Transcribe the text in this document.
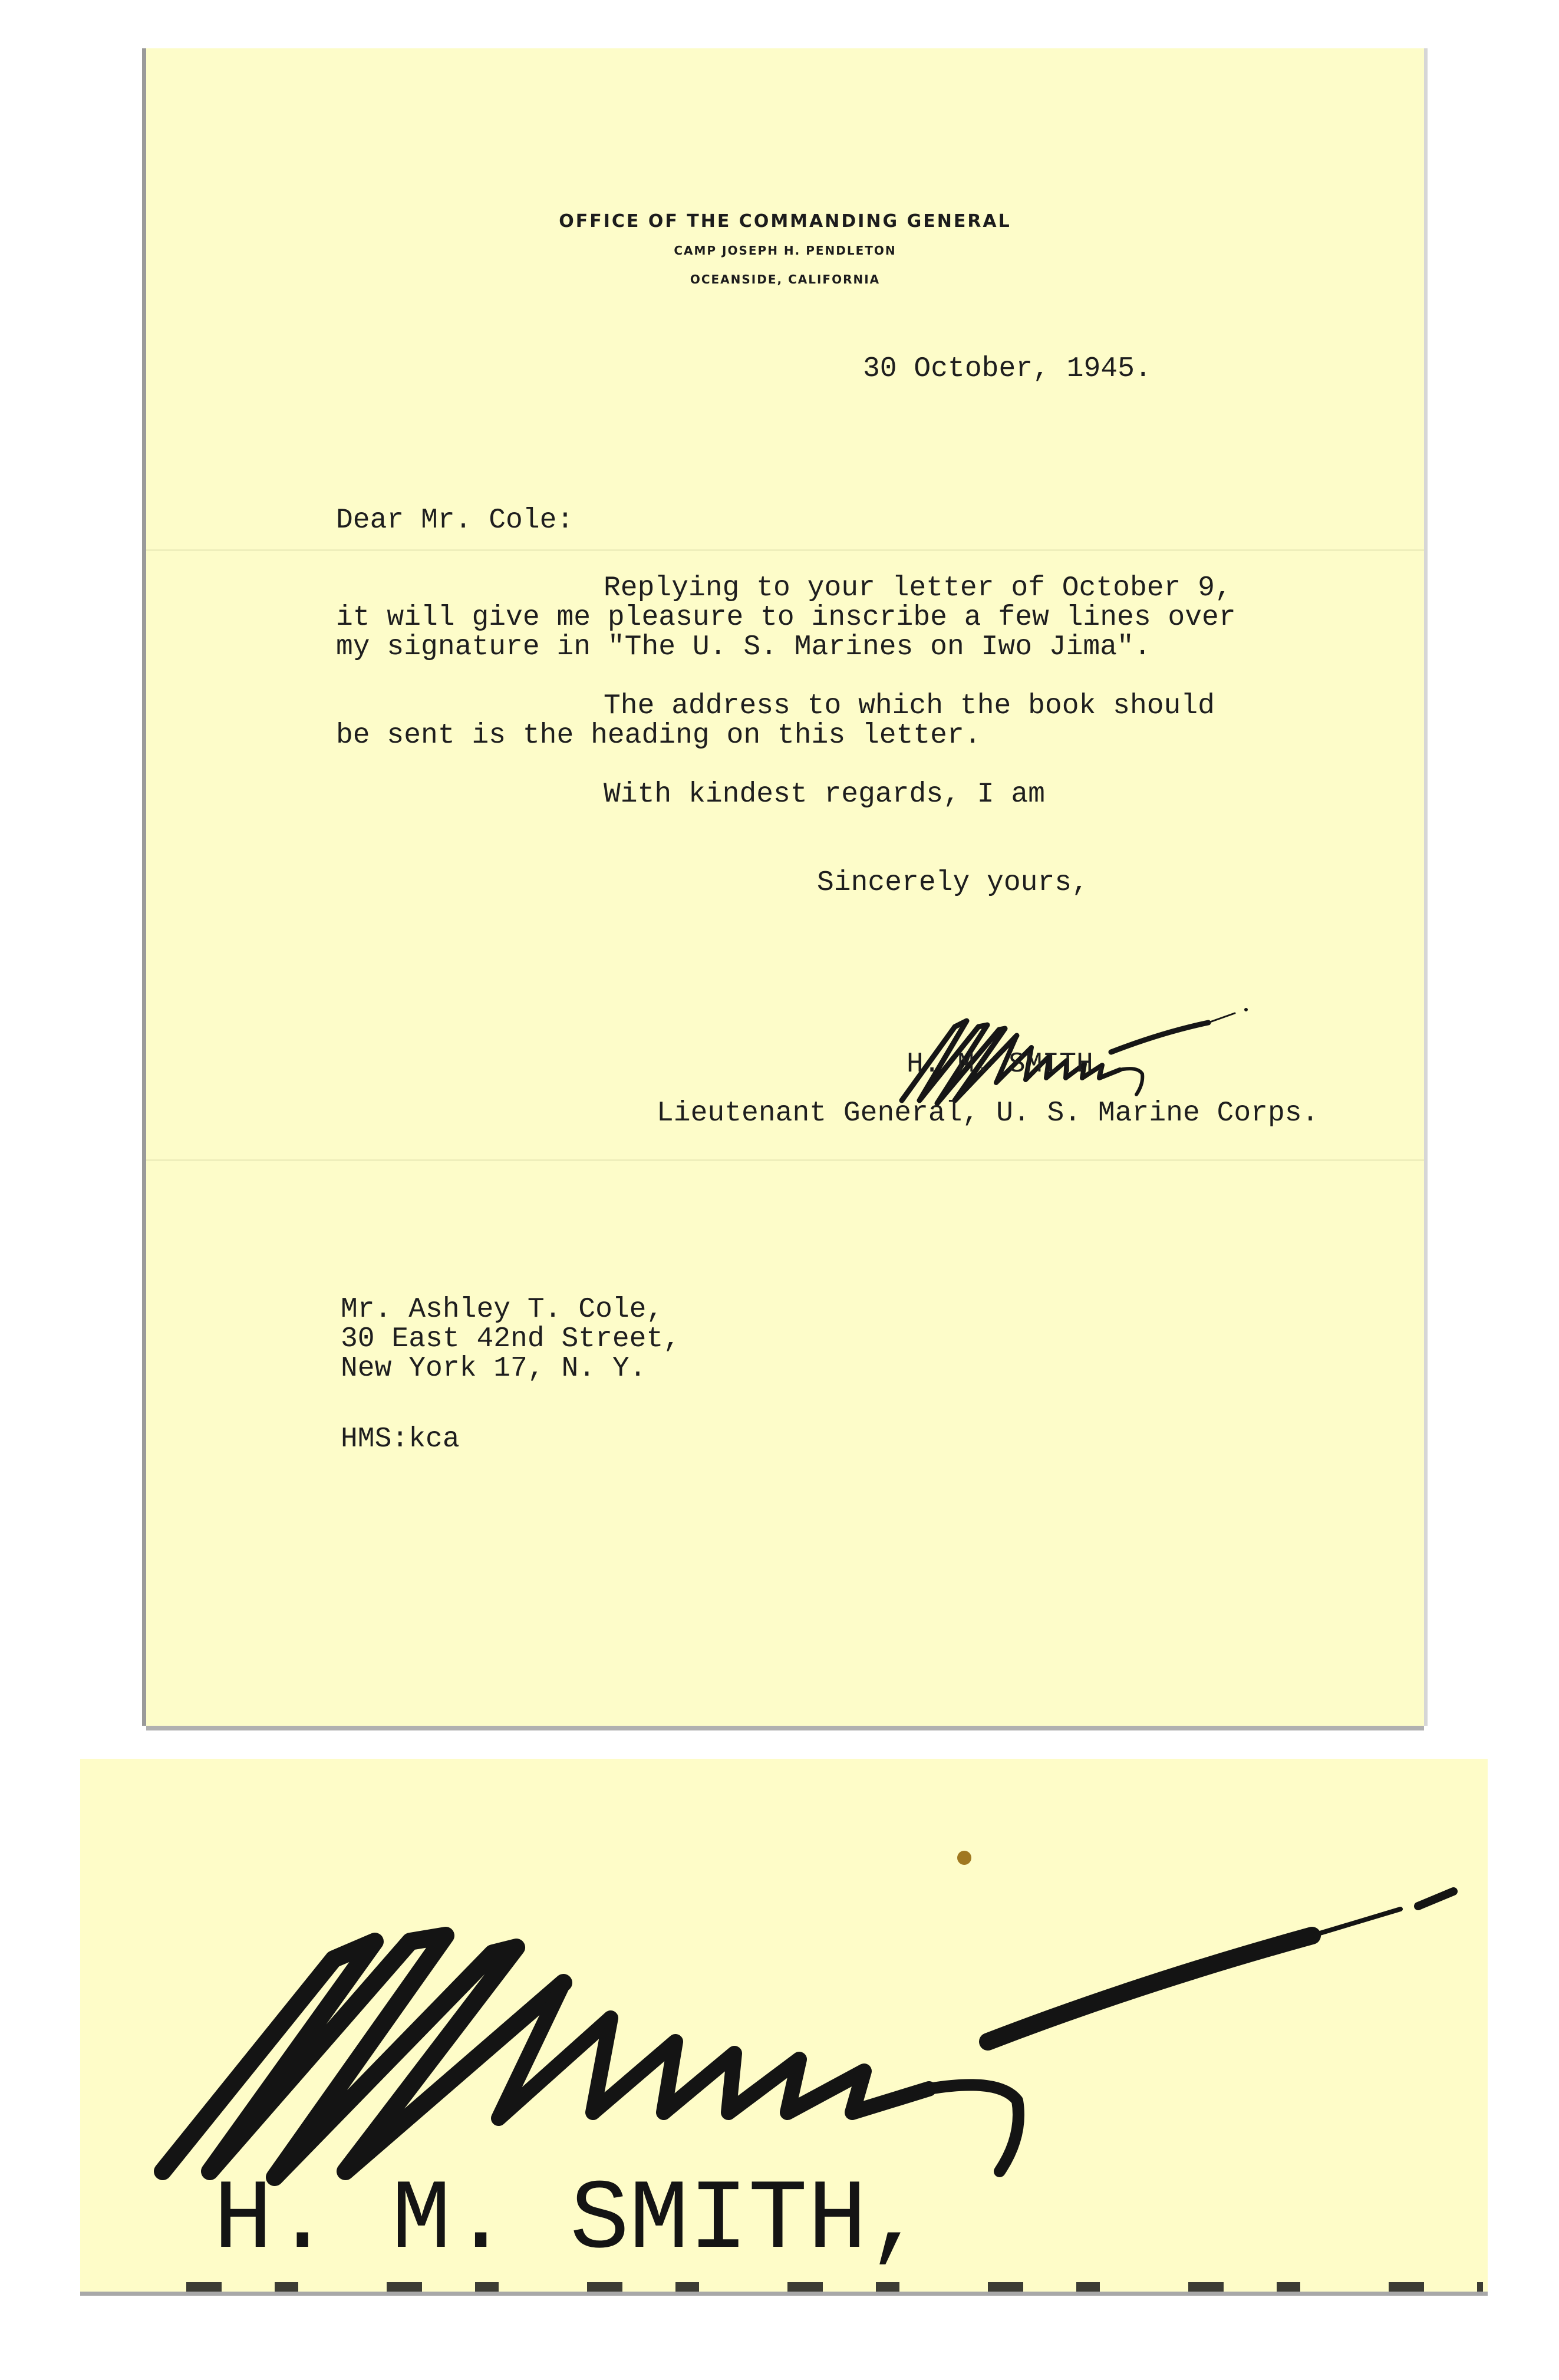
OFFICE OF THE COMMANDING GENERAL
CAMP JOSEPH H. PENDLETON
OCEANSIDE, CALIFORNIA
30 October, 1945.
Dear Mr. Cole:
Replying to your letter of October 9,
it will give me pleasure to inscribe a few lines over
my signature in "The U. S. Marines on Iwo Jima".
The address to which the book should
be sent is the heading on this letter.
With kindest regards, I am
Sincerely yours,
H. M. SMITH,
Lieutenant General, U. S. Marine Corps.
Mr. Ashley T. Cole,
30 East 42nd Street,
New York 17, N. Y.
HMS:kca
H. M. SMITH,
